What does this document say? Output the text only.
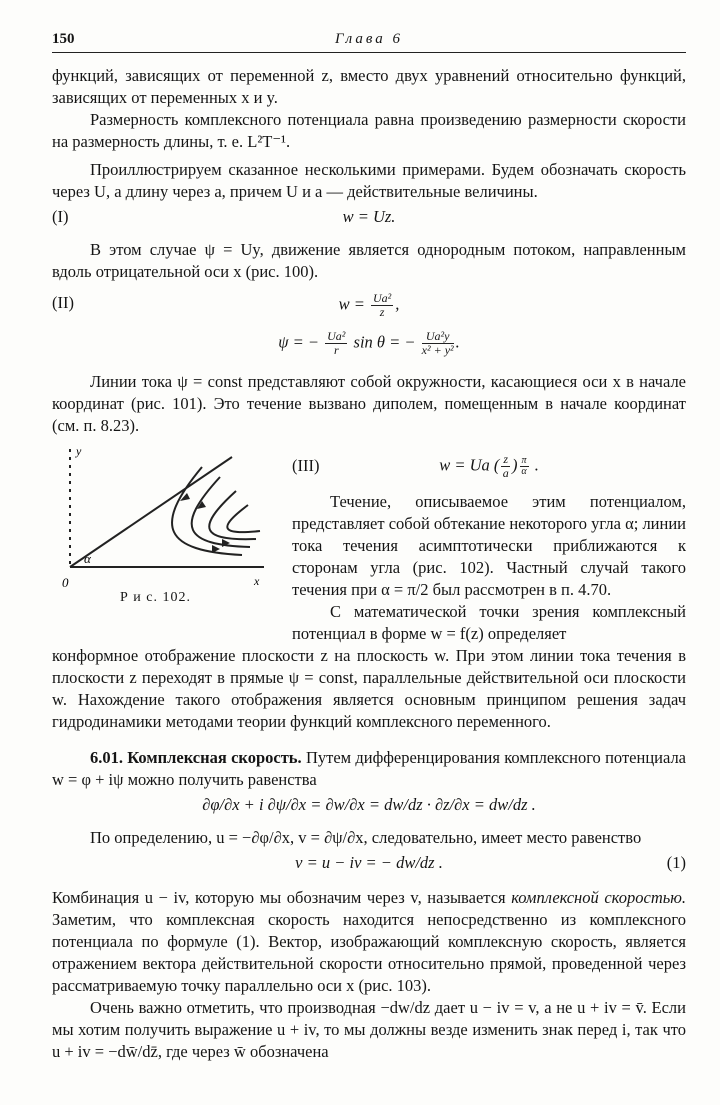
150	Глава 6

функций, зависящих от переменной z, вместо двух уравнений относительно функций, зависящих от переменных x и y.

Размерность комплексного потенциала равна произведению размерности скорости на размерность длины, т. е. L²T⁻¹.

Проиллюстрируем сказанное несколькими примерами. Будем обозначать скорость через U, а длину через a, причем U и a — действительные величины.

(I)	w = Uz.

В этом случае ψ = Uy, движение является однородным потоком, направленным вдоль отрицательной оси x (рис. 100).

(II)	$w = \frac{\text{Ua²}}{z}$ ,
ψ = − $\frac{\text{Ua²}}{r}$ sin θ = − $\frac{\text{Ua²y}}{\text{x² + y²}}$ .

Линии тока ψ = const представляют собой окружности, касающиеся оси x в начале координат (рис. 101). Это течение вызвано диполем, помещенным в начале координат (см. п. 8.23).

y
x
0
α
Р и с. 102.
(III)	w = Ua ( $\frac{z}{a}$ ) $\frac{\pi}{\alpha}$ .

Течение, описываемое этим потенциалом, представляет собой обтекание некоторого угла α; линии тока течения асимптотически приближаются к сторонам угла (рис. 102). Частный случай такого течения при α = π/2 был рассмотрен в п. 4.70.

С математической точки зрения комплексный потенциал в форме w = f(z) определяет

конформное отображение плоскости z на плоскость w. При этом линии тока течения в плоскости z переходят в прямые ψ = const, параллельные действительной оси плоскости w. Нахождение такого отображения является основным принципом решения задач гидродинамики методами теории функций комплексного переменного.

6.01. Комплексная скорость. Путем дифференцирования комплексного потенциала w = φ + iψ можно получить равенства

∂φ/∂x + i ∂ψ/∂x = ∂w/∂x = dw/dz · ∂z/∂x = dw/dz .

По определению, u = −∂φ/∂x, v = ∂ψ/∂x, следовательно, имеет место равенство

v = u − iv = − dw/dz .	(1)

Комбинация u − iv, которую мы обозначим через v, называется комплексной скоростью. Заметим, что комплексная скорость находится непосредственно из комплексного потенциала по формуле (1). Вектор, изображающий комплексную скорость, является отражением вектора действительной скорости относительно прямой, проведенной через рассматриваемую точку параллельно оси x (рис. 103).

Очень важно отметить, что производная −dw/dz дает u − iv = v, а не u + iv = v̄. Если мы хотим получить выражение u + iv, то мы должны везде изменить знак перед i, так что u + iv = −dw̄/dz̄, где через w̄ обозначена
